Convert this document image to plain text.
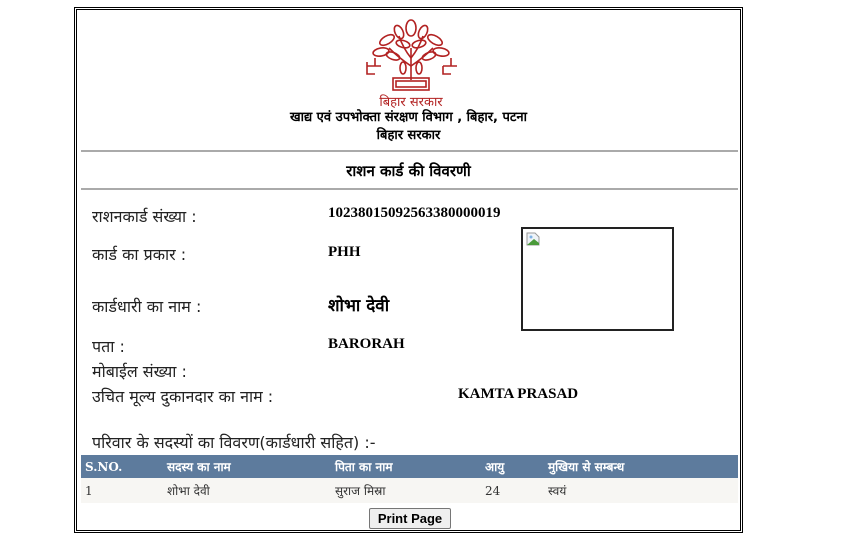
बिहार सरकार
खाद्य एवं उपभोक्ता संरक्षण विभाग , बिहार, पटना
बिहार सरकार
राशन कार्ड की विवरणी
राशनकार्ड संख्या :	10238015092563380000019
कार्ड का प्रकार :	PHH
कार्डधारी का नाम :	शोभा देवी
पता :	BARORAH
मोबाईल संख्या :
उचित मूल्य दुकानदार का नाम :	KAMTA PRASAD
परिवार के सदस्यों का विवरण(कार्डधारी सहित) :-
S.NO.	सदस्य का नाम	पिता का नाम	आयु	मुखिया से सम्बन्ध
1	शोभा देवी	सुराज मिस्रा	24	स्वयं
Print Page
